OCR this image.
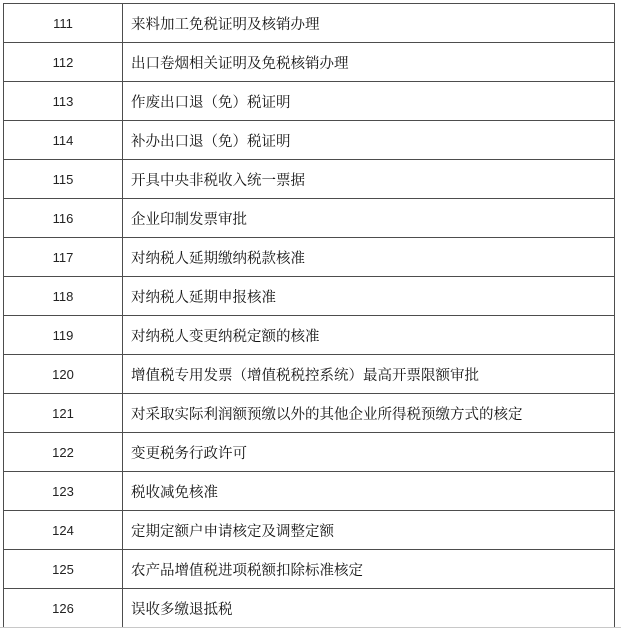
111	来料加工免税证明及核销办理
112	出口卷烟相关证明及免税核销办理
113	作废出口退（免）税证明
114	补办出口退（免）税证明
115	开具中央非税收入统一票据
116	企业印制发票审批
117	对纳税人延期缴纳税款核准
118	对纳税人延期申报核准
119	对纳税人变更纳税定额的核准
120	增值税专用发票（增值税税控系统）最高开票限额审批
121	对采取实际利润额预缴以外的其他企业所得税预缴方式的核定
122	变更税务行政许可
123	税收减免核准
124	定期定额户申请核定及调整定额
125	农产品增值税进项税额扣除标准核定
126	误收多缴退抵税
